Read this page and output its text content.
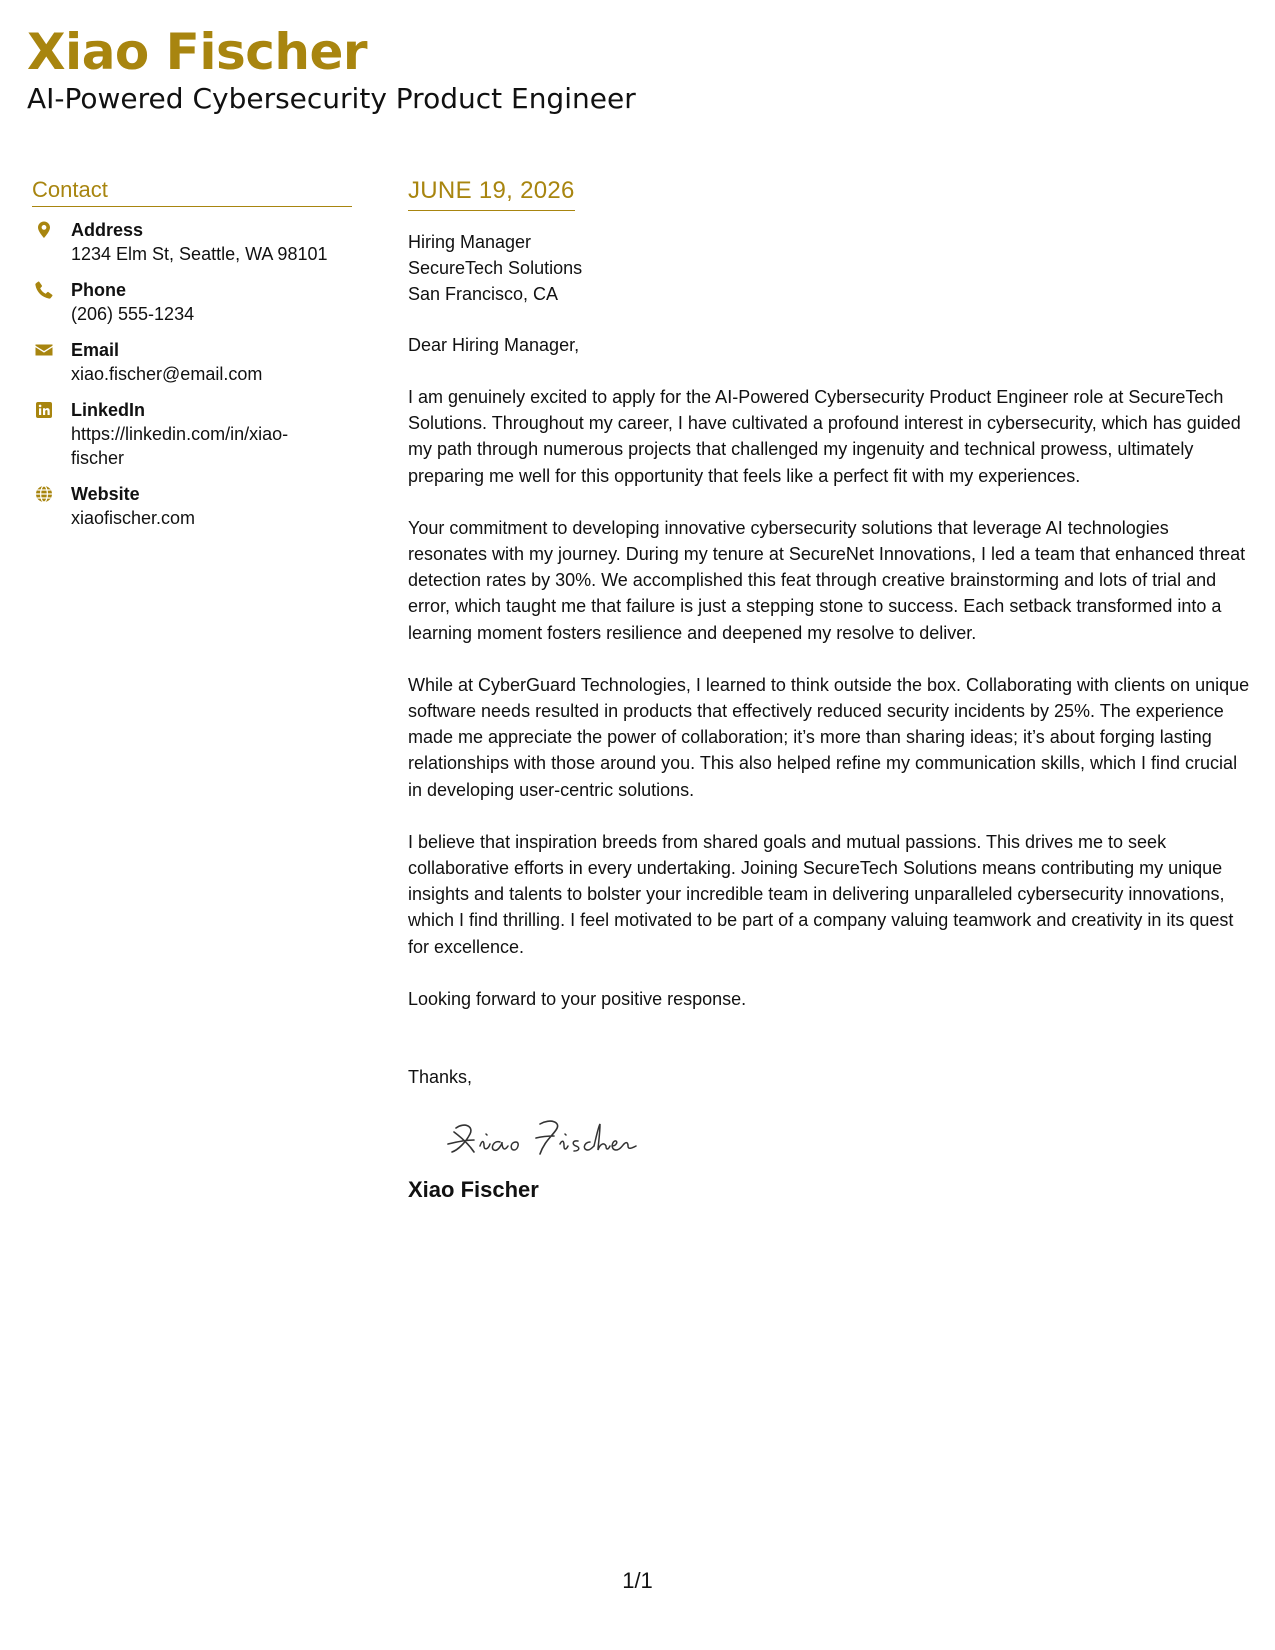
Xiao Fischer
AI-Powered Cybersecurity Product Engineer
Contact
Address
1234 Elm St, Seattle, WA 98101
Phone
(206) 555-1234
Email
xiao.fischer@email.com
LinkedIn
https://linkedin.com/in/xiao-fischer
Website
xiaofischer.com
JUNE 19, 2026
Hiring Manager
SecureTech Solutions
San Francisco, CA
Dear Hiring Manager,
I am genuinely excited to apply for the AI-Powered Cybersecurity Product Engineer role at SecureTech Solutions. Throughout my career, I have cultivated a profound interest in cybersecurity, which has guided my path through numerous projects that challenged my ingenuity and technical prowess, ultimately preparing me well for this opportunity that feels like a perfect fit with my experiences.
Your commitment to developing innovative cybersecurity solutions that leverage AI technologies resonates with my journey. During my tenure at SecureNet Innovations, I led a team that enhanced threat detection rates by 30%. We accomplished this feat through creative brainstorming and lots of trial and error, which taught me that failure is just a stepping stone to success. Each setback transformed into a learning moment fosters resilience and deepened my resolve to deliver.
While at CyberGuard Technologies, I learned to think outside the box. Collaborating with clients on unique software needs resulted in products that effectively reduced security incidents by 25%. The experience made me appreciate the power of collaboration; it’s more than sharing ideas; it’s about forging lasting relationships with those around you. This also helped refine my communication skills, which I find crucial in developing user-centric solutions.
I believe that inspiration breeds from shared goals and mutual passions. This drives me to seek collaborative efforts in every undertaking. Joining SecureTech Solutions means contributing my unique insights and talents to bolster your incredible team in delivering unparalleled cybersecurity innovations, which I find thrilling. I feel motivated to be part of a company valuing teamwork and creativity in its quest for excellence.
Looking forward to your positive response.
Thanks,
Xiao Fischer
1/1
